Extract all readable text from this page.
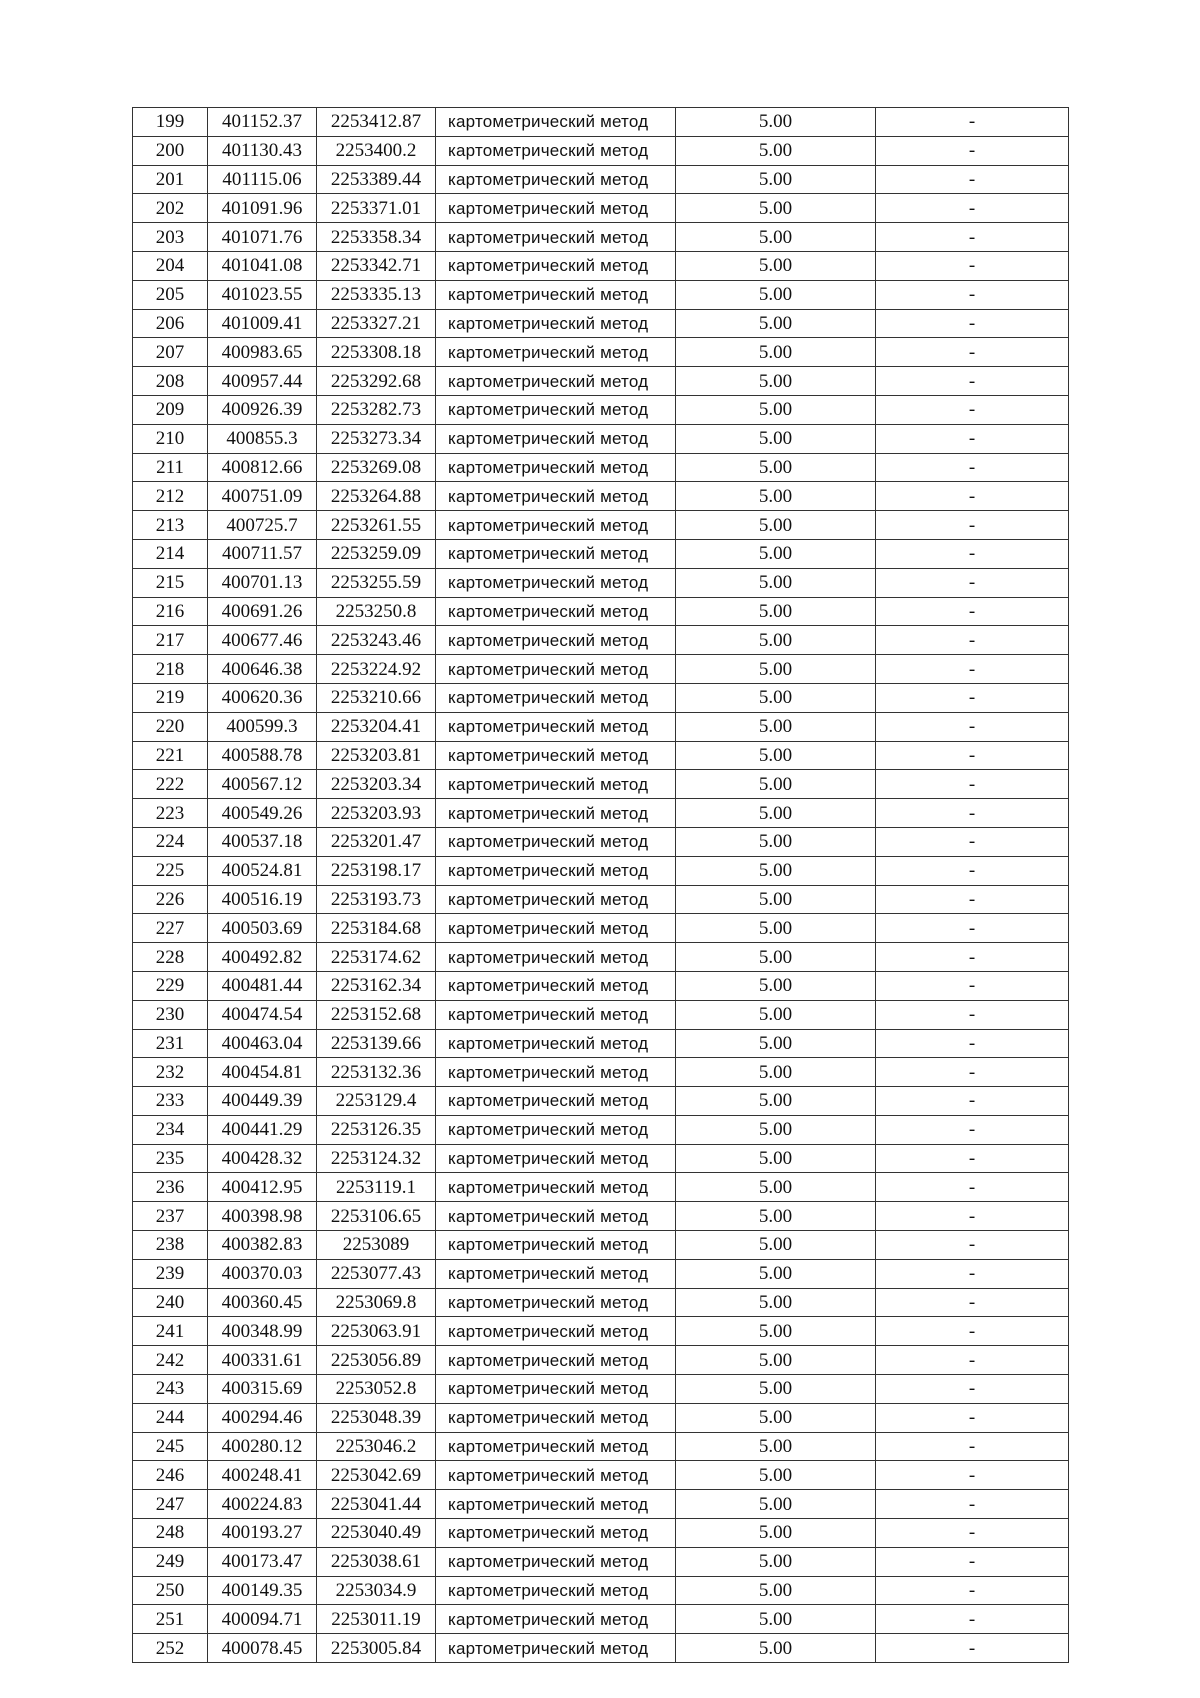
199	401152.37	2253412.87	картометрический метод	5.00	-
200	401130.43	2253400.2	картометрический метод	5.00	-
201	401115.06	2253389.44	картометрический метод	5.00	-
202	401091.96	2253371.01	картометрический метод	5.00	-
203	401071.76	2253358.34	картометрический метод	5.00	-
204	401041.08	2253342.71	картометрический метод	5.00	-
205	401023.55	2253335.13	картометрический метод	5.00	-
206	401009.41	2253327.21	картометрический метод	5.00	-
207	400983.65	2253308.18	картометрический метод	5.00	-
208	400957.44	2253292.68	картометрический метод	5.00	-
209	400926.39	2253282.73	картометрический метод	5.00	-
210	400855.3	2253273.34	картометрический метод	5.00	-
211	400812.66	2253269.08	картометрический метод	5.00	-
212	400751.09	2253264.88	картометрический метод	5.00	-
213	400725.7	2253261.55	картометрический метод	5.00	-
214	400711.57	2253259.09	картометрический метод	5.00	-
215	400701.13	2253255.59	картометрический метод	5.00	-
216	400691.26	2253250.8	картометрический метод	5.00	-
217	400677.46	2253243.46	картометрический метод	5.00	-
218	400646.38	2253224.92	картометрический метод	5.00	-
219	400620.36	2253210.66	картометрический метод	5.00	-
220	400599.3	2253204.41	картометрический метод	5.00	-
221	400588.78	2253203.81	картометрический метод	5.00	-
222	400567.12	2253203.34	картометрический метод	5.00	-
223	400549.26	2253203.93	картометрический метод	5.00	-
224	400537.18	2253201.47	картометрический метод	5.00	-
225	400524.81	2253198.17	картометрический метод	5.00	-
226	400516.19	2253193.73	картометрический метод	5.00	-
227	400503.69	2253184.68	картометрический метод	5.00	-
228	400492.82	2253174.62	картометрический метод	5.00	-
229	400481.44	2253162.34	картометрический метод	5.00	-
230	400474.54	2253152.68	картометрический метод	5.00	-
231	400463.04	2253139.66	картометрический метод	5.00	-
232	400454.81	2253132.36	картометрический метод	5.00	-
233	400449.39	2253129.4	картометрический метод	5.00	-
234	400441.29	2253126.35	картометрический метод	5.00	-
235	400428.32	2253124.32	картометрический метод	5.00	-
236	400412.95	2253119.1	картометрический метод	5.00	-
237	400398.98	2253106.65	картометрический метод	5.00	-
238	400382.83	2253089	картометрический метод	5.00	-
239	400370.03	2253077.43	картометрический метод	5.00	-
240	400360.45	2253069.8	картометрический метод	5.00	-
241	400348.99	2253063.91	картометрический метод	5.00	-
242	400331.61	2253056.89	картометрический метод	5.00	-
243	400315.69	2253052.8	картометрический метод	5.00	-
244	400294.46	2253048.39	картометрический метод	5.00	-
245	400280.12	2253046.2	картометрический метод	5.00	-
246	400248.41	2253042.69	картометрический метод	5.00	-
247	400224.83	2253041.44	картометрический метод	5.00	-
248	400193.27	2253040.49	картометрический метод	5.00	-
249	400173.47	2253038.61	картометрический метод	5.00	-
250	400149.35	2253034.9	картометрический метод	5.00	-
251	400094.71	2253011.19	картометрический метод	5.00	-
252	400078.45	2253005.84	картометрический метод	5.00	-
